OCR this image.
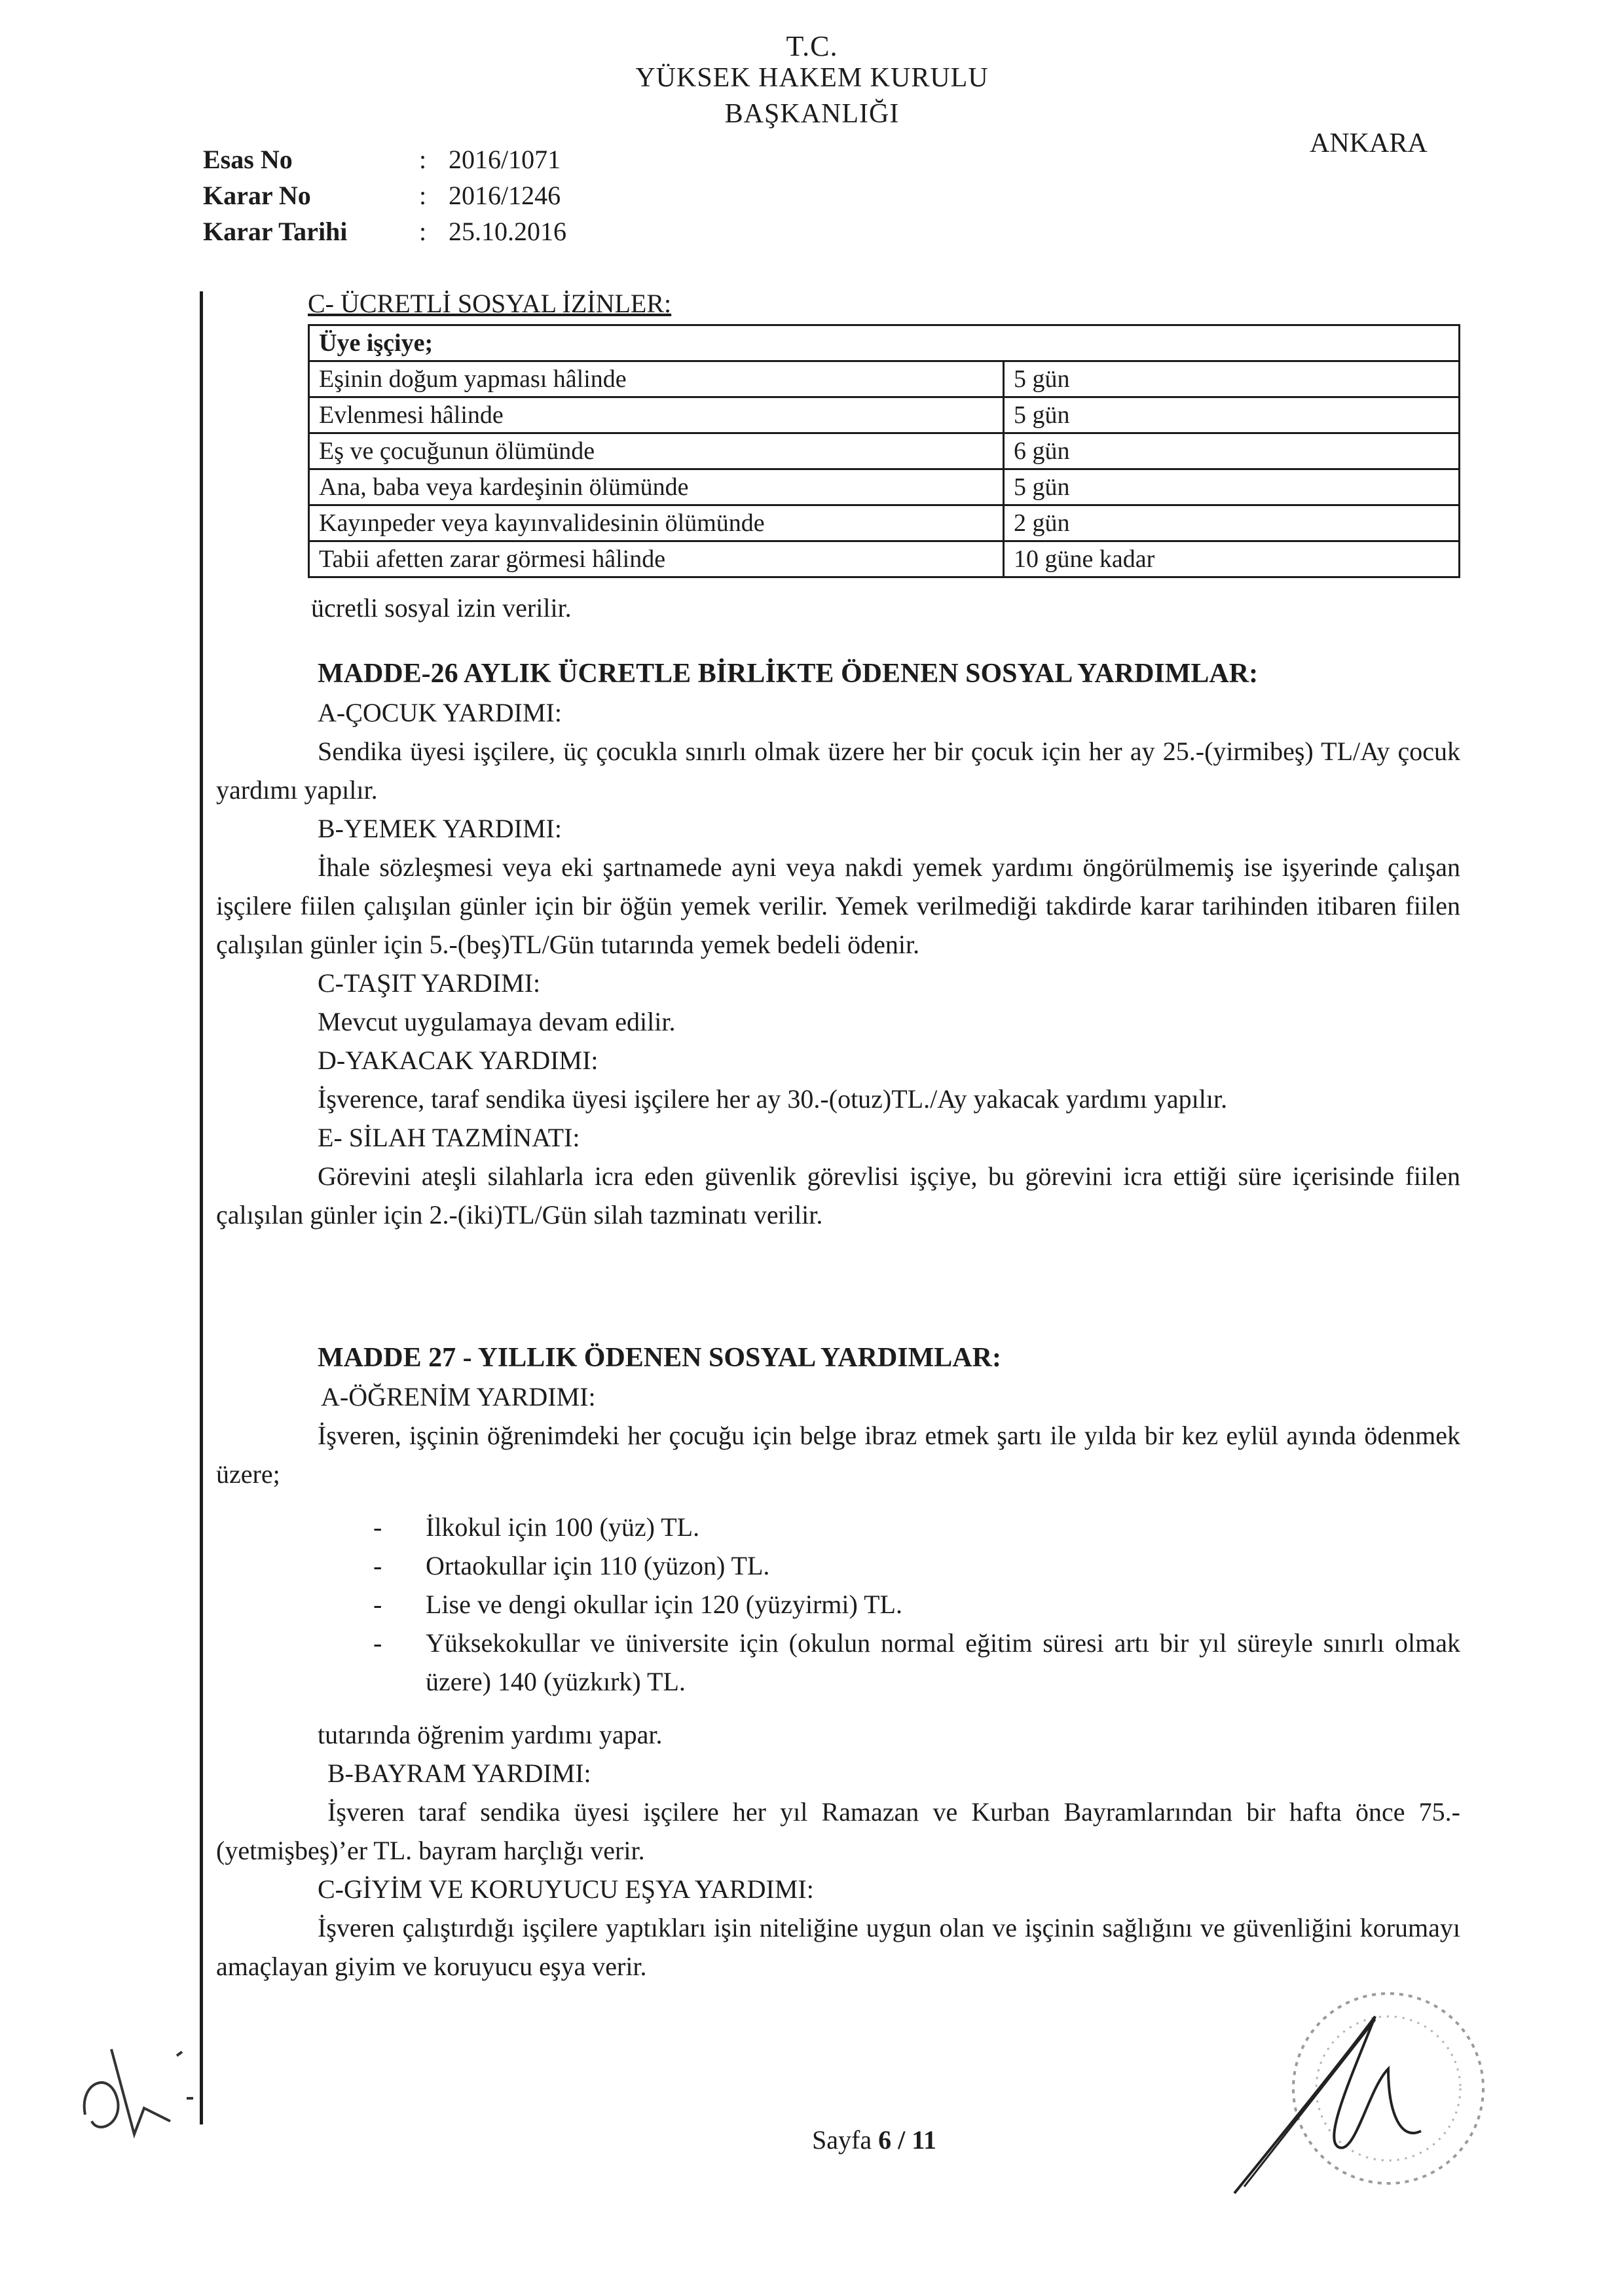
T.C.
YÜKSEK HAKEM KURULU
BAŞKANLIĞI
ANKARA
Esas No	: 2016/1071
Karar No	: 2016/1246
Karar Tarihi	: 25.10.2016
C- ÜCRETLİ SOSYAL İZİNLER:
Üye işçiye;	
Eşinin doğum yapması hâlinde	5 gün
Evlenmesi hâlinde	5 gün
Eş ve çocuğunun ölümünde	6 gün
Ana, baba veya kardeşinin ölümünde	5 gün
Kayınpeder veya kayınvalidesinin ölümünde	2 gün
Tabii afetten zarar görmesi hâlinde	10 güne kadar
ücretli sosyal izin verilir.
MADDE-26 AYLIK ÜCRETLE BİRLİKTE ÖDENEN SOSYAL YARDIMLAR:
A-ÇOCUK YARDIMI:
Sendika üyesi işçilere, üç çocukla sınırlı olmak üzere her bir çocuk için her ay 25.-(yirmibeş) TL/Ay çocuk yardımı yapılır.
B-YEMEK YARDIMI:
İhale sözleşmesi veya eki şartnamede ayni veya nakdi yemek yardımı öngörülmemiş ise işyerinde çalışan işçilere fiilen çalışılan günler için bir öğün yemek verilir. Yemek verilmediği takdirde karar tarihinden itibaren fiilen çalışılan günler için 5.-(beş)TL/Gün tutarında yemek bedeli ödenir.
C-TAŞIT YARDIMI:
Mevcut uygulamaya devam edilir.
D-YAKACAK YARDIMI:
İşverence, taraf sendika üyesi işçilere her ay 30.-(otuz)TL./Ay yakacak yardımı yapılır.
E- SİLAH TAZMİNATI:
Görevini ateşli silahlarla icra eden güvenlik görevlisi işçiye, bu görevini icra ettiği süre içerisinde fiilen çalışılan günler için 2.-(iki)TL/Gün silah tazminatı verilir.
MADDE 27 - YILLIK ÖDENEN SOSYAL YARDIMLAR:
A-ÖĞRENİM YARDIMI:
İşveren, işçinin öğrenimdeki her çocuğu için belge ibraz etmek şartı ile yılda bir kez eylül ayında ödenmek üzere;
- İlkokul için 100 (yüz) TL.
- Ortaokullar için 110 (yüzon) TL.
- Lise ve dengi okullar için 120 (yüzyirmi) TL.
- Yüksekokullar ve üniversite için (okulun normal eğitim süresi artı bir yıl süreyle sınırlı olmak üzere) 140 (yüzkırk) TL.
tutarında öğrenim yardımı yapar.
B-BAYRAM YARDIMI:
İşveren taraf sendika üyesi işçilere her yıl Ramazan ve Kurban Bayramlarından bir hafta önce 75.-(yetmişbeş)’er TL. bayram harçlığı verir.
C-GİYİM VE KORUYUCU EŞYA YARDIMI:
İşveren çalıştırdığı işçilere yaptıkları işin niteliğine uygun olan ve işçinin sağlığını ve güvenliğini korumayı amaçlayan giyim ve koruyucu eşya verir.
Sayfa 6 / 11
